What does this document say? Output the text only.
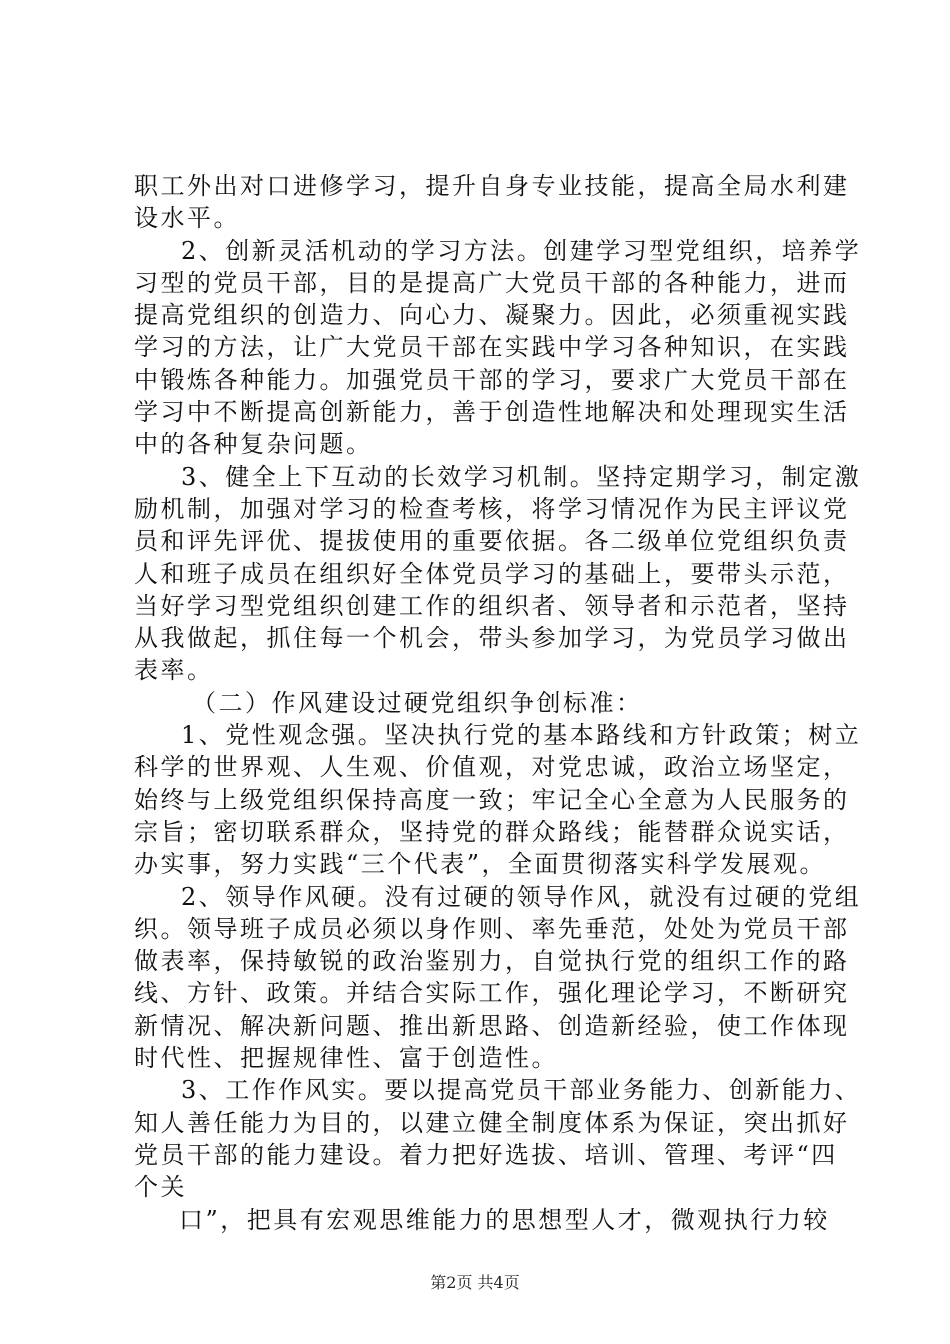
职工外出对口进修学习，提升自身专业技能，提高全局水利建
设水平。
2、创新灵活机动的学习方法。创建学习型党组织，培养学
习型的党员干部，目的是提高广大党员干部的各种能力，进而
提高党组织的创造力、向心力、凝聚力。因此，必须重视实践
学习的方法，让广大党员干部在实践中学习各种知识，在实践
中锻炼各种能力。加强党员干部的学习，要求广大党员干部在
学习中不断提高创新能力，善于创造性地解决和处理现实生活
中的各种复杂问题。
3、健全上下互动的长效学习机制。坚持定期学习，制定激
励机制，加强对学习的检查考核，将学习情况作为民主评议党
员和评先评优、提拔使用的重要依据。各二级单位党组织负责
人和班子成员在组织好全体党员学习的基础上，要带头示范，
当好学习型党组织创建工作的组织者、领导者和示范者，坚持
从我做起，抓住每一个机会，带头参加学习，为党员学习做出
表率。
（二）作风建设过硬党组织争创标准：
1、党性观念强。坚决执行党的基本路线和方针政策；树立
科学的世界观、人生观、价值观，对党忠诚，政治立场坚定，
始终与上级党组织保持高度一致；牢记全心全意为人民服务的
宗旨；密切联系群众，坚持党的群众路线；能替群众说实话，
办实事，努力实践“三个代表”，全面贯彻落实科学发展观。
2、领导作风硬。没有过硬的领导作风，就没有过硬的党组
织。领导班子成员必须以身作则、率先垂范，处处为党员干部
做表率，保持敏锐的政治鉴别力，自觉执行党的组织工作的路
线、方针、政策。并结合实际工作，强化理论学习，不断研究
新情况、解决新问题、推出新思路、创造新经验，使工作体现
时代性、把握规律性、富于创造性。
3、工作作风实。要以提高党员干部业务能力、创新能力、
知人善任能力为目的，以建立健全制度体系为保证，突出抓好
党员干部的能力建设。着力把好选拔、培训、管理、考评“四
个关
口”，把具有宏观思维能力的思想型人才，微观执行力较
第2页 共4页
